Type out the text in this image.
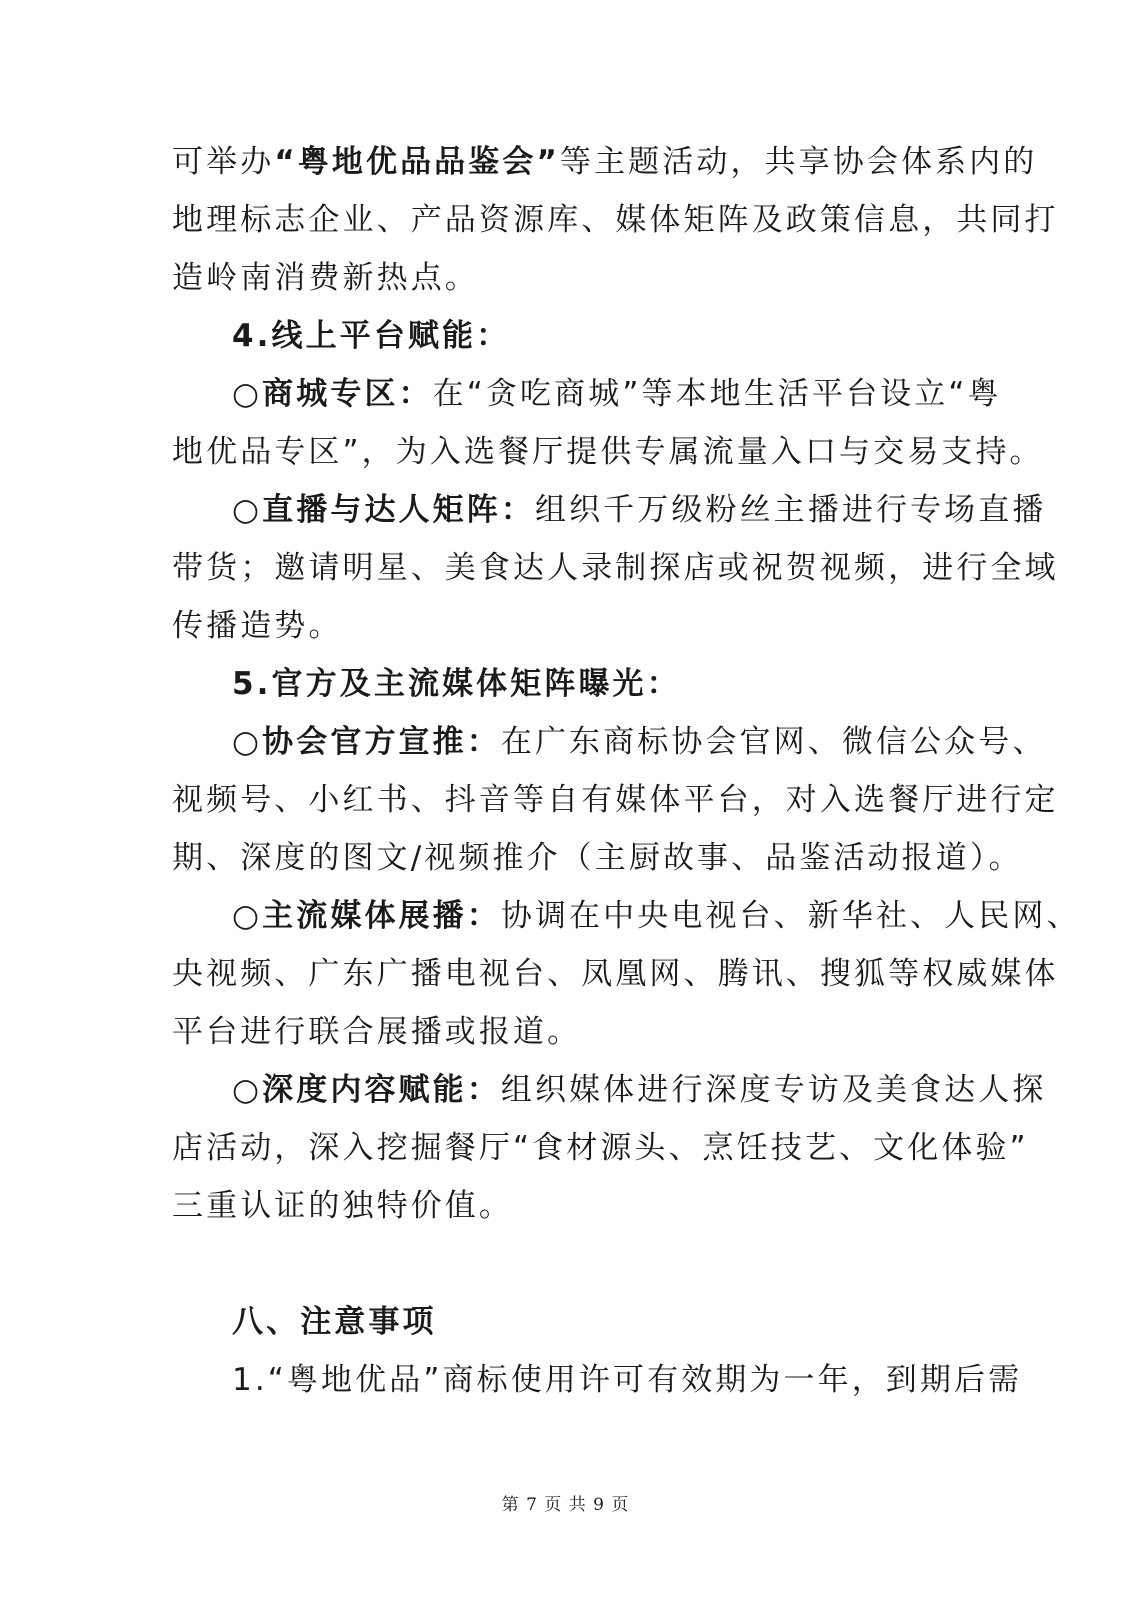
可举办“粤地优品品鉴会”等主题活动，共享协会体系内的
地理标志企业、产品资源库、媒体矩阵及政策信息，共同打
造岭南消费新热点。
4.线上平台赋能：
○商城专区：在“贪吃商城”等本地生活平台设立“粤
地优品专区”，为入选餐厅提供专属流量入口与交易支持。
○直播与达人矩阵：组织千万级粉丝主播进行专场直播
带货；邀请明星、美食达人录制探店或祝贺视频，进行全域
传播造势。
5.官方及主流媒体矩阵曝光：
○协会官方宣推：在广东商标协会官网、微信公众号、
视频号、小红书、抖音等自有媒体平台，对入选餐厅进行定
期、深度的图文/视频推介（主厨故事、品鉴活动报道）。
○主流媒体展播：协调在中央电视台、新华社、人民网、
央视频、广东广播电视台、凤凰网、腾讯、搜狐等权威媒体
平台进行联合展播或报道。
○深度内容赋能：组织媒体进行深度专访及美食达人探
店活动，深入挖掘餐厅“食材源头、烹饪技艺、文化体验”
三重认证的独特价值。
八、注意事项
1.“粤地优品”商标使用许可有效期为一年，到期后需
第 7 页 共 9 页
